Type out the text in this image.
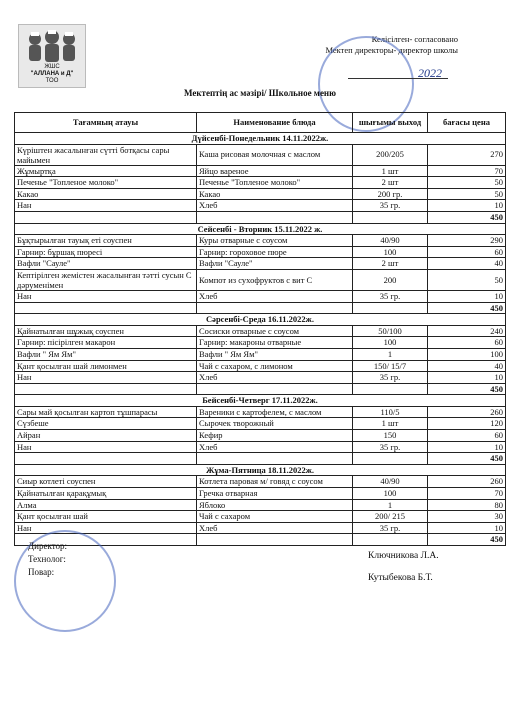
ЖШС
"АЛЛАНА и Д"
ТОО
Келісілген- согласовано
Мектеп директоры- директор школы
2022
Мектептің ас мәзірі/ Школьное меню
Тағамның атауы	Наименование блюда	шығымы выход	бағасы цена
Дүйсенбі-Понедельник 14.11.2022ж.			
Күріштен жасалынған сүтті ботқасы сары майымен	Каша рисовая молочная с маслом	200/205	270
Жұмыртқа	Яйцо вареное	1 шт	70
Печенье "Топленое молоко"	Печенье "Топленое молоко"	2 шт	50
Какао	Какао	200 гр.	50
Нан	Хлеб	35 гр.	10
			450
Сейсенбі - Вторник 15.11.2022 ж.			
Бұқтырылған тауық еті соуспен	Куры отварные с соусом	40/90	290
Гарнир: бұршақ пюресі	Гарнир: гороховое пюре	100	60
Вафли "Сауле"	Вафли "Сауле"	2 шт	40
Кептірілген жемістен жасалынған тәтті сусын С дәруменімен	Компот из сухофруктов с вит С	200	50
Нан	Хлеб	35 гр.	10
			450
Сәрсенбі-Среда 16.11.2022ж.			
Қайнатылған шұжық соуспен	Сосиски отварные с соусом	50/100	240
Гарнир: пісірілген макарон	Гарнир: макароны отварные	100	60
Вафли " Ям Ям"	Вафли " Ям Ям"	1	100
Қант қосылған шай лимонмен	Чай с сахаром, с лимоном	150/ 15/7	40
Нан	Хлеб	35 гр.	10
			450
Бейсенбі-Четверг 17.11.2022ж.			
Сары май қосылған картоп тұшпарасы	Вареники с картофелем, с маслом	110/5	260
Сүзбеше	Сырочек творожный	1 шт	120
Айран	Кефир	150	60
Нан	Хлеб	35 гр.	10
			450
Жұма-Пятница 18.11.2022ж.			
Сиыр котлеті соуспен	Котлета паровая м/ говяд с соусом	40/90	260
Қайнатылған қарақұмық	Гречка отварная	100	70
Алма	Яблоко	1	80
Қант қосылған шай	Чай с сахаром	200/ 215	30
Нан	Хлеб	35 гр.	10
			450
Директор:
Технолог:
Повар:
Ключникова Л.А.
Кутыбекова Б.Т.
